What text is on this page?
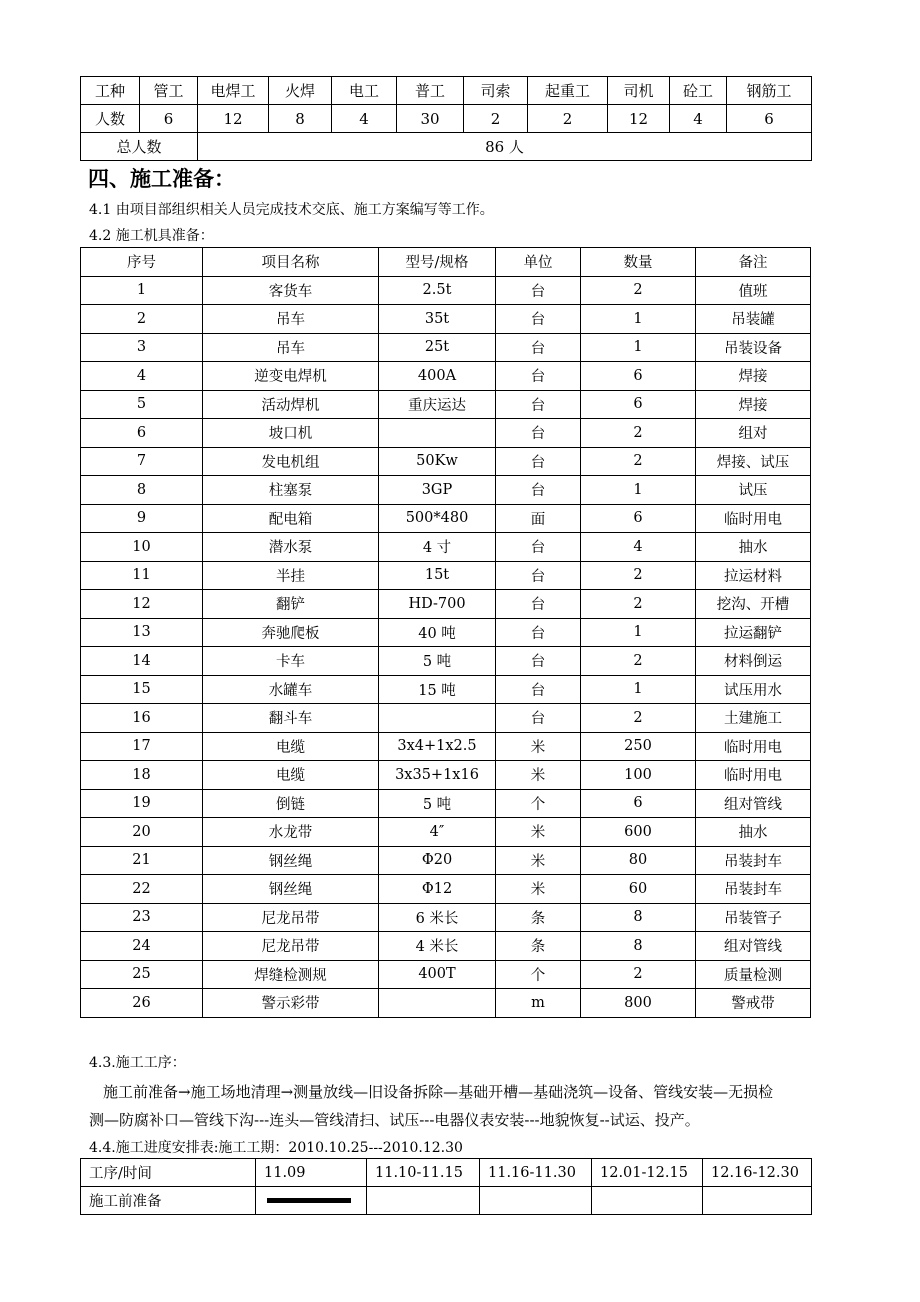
工种	管工	电焊工	火焊	电工	普工	司索	起重工	司机	砼工	钢筋工
人数	6	12	8	4	30	2	2	12	4	6
总人数		86 人								
四、施工准备：
4.1 由项目部组织相关人员完成技术交底、施工方案编写等工作。
4.2 施工机具准备：
序号	项目名称	型号/规格	单位	数量	备注
1	客货车	2.5t	台	2	值班
2	吊车	35t	台	1	吊装罐
3	吊车	25t	台	1	吊装设备
4	逆变电焊机	400A	台	6	焊接
5	活动焊机	重庆运达	台	6	焊接
6	坡口机		台	2	组对
7	发电机组	50Kw	台	2	焊接、试压
8	柱塞泵	3GP	台	1	试压
9	配电箱	500*480	面	6	临时用电
10	潜水泵	4 寸	台	4	抽水
11	半挂	15t	台	2	拉运材料
12	翻铲	HD-700	台	2	挖沟、开槽
13	奔驰爬板	40 吨	台	1	拉运翻铲
14	卡车	5 吨	台	2	材料倒运
15	水罐车	15 吨	台	1	试压用水
16	翻斗车		台	2	土建施工
17	电缆	3x4+1x2.5	米	250	临时用电
18	电缆	3x35+1x16	米	100	临时用电
19	倒链	5 吨	个	6	组对管线
20	水龙带	4″	米	600	抽水
21	钢丝绳	Φ20	米	80	吊装封车
22	钢丝绳	Φ12	米	60	吊装封车
23	尼龙吊带	6 米长	条	8	吊装管子
24	尼龙吊带	4 米长	条	8	组对管线
25	焊缝检测规	400T	个	2	质量检测
26	警示彩带		m	800	警戒带
4.3.施工工序：
施工前准备→施工场地清理→测量放线—旧设备拆除—基础开槽—基础浇筑—设备、管线安装—无损检
测—防腐补口—管线下沟---连头—管线清扫、试压---电器仪表安装---地貌恢复--试运、投产。
4.4.施工进度安排表:施工工期：2010.10.25---2010.12.30
工序/时间	11.09	11.10-11.15	11.16-11.30	12.01-12.15	12.16-12.30
施工前准备	
